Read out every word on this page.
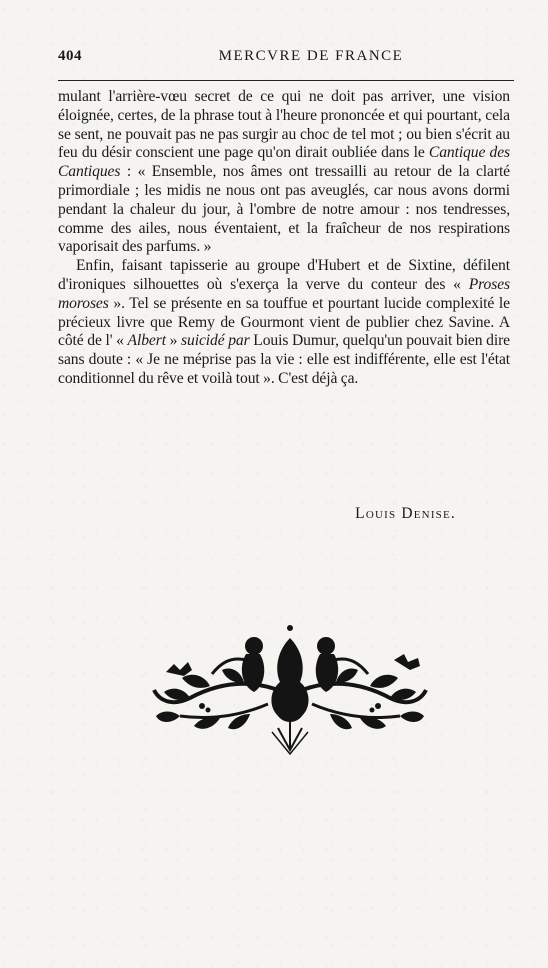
404	MERCVRE DE FRANCE

mulant l'arrière-vœu secret de ce qui ne doit pas arriver, une vision éloignée, certes, de la phrase tout à l'heure prononcée et qui pourtant, cela se sent, ne pouvait pas ne pas surgir au choc de tel mot ; ou bien s'écrit au feu du désir conscient une page qu'on dirait oubliée dans le Cantique des Cantiques : « Ensemble, nos âmes ont tressailli au retour de la clarté primordiale ; les midis ne nous ont pas aveuglés, car nous avons dormi pendant la chaleur du jour, à l'ombre de notre amour : nos tendresses, comme des ailes, nous éventaient, et la fraîcheur de nos respirations vaporisait des parfums. »

Enfin, faisant tapisserie au groupe d'Hubert et de Sixtine, défilent d'ironiques silhouettes où s'exerça la verve du conteur des « Proses moroses ». Tel se présente en sa touffue et pourtant lucide complexité le précieux livre que Remy de Gourmont vient de publier chez Savine. A côté de l' « Albert » suicidé par Louis Dumur, quelqu'un pouvait bien dire sans doute : « Je ne méprise pas la vie : elle est indifférente, elle est l'état conditionnel du rêve et voilà tout ». C'est déjà ça.

Louis Denise.
